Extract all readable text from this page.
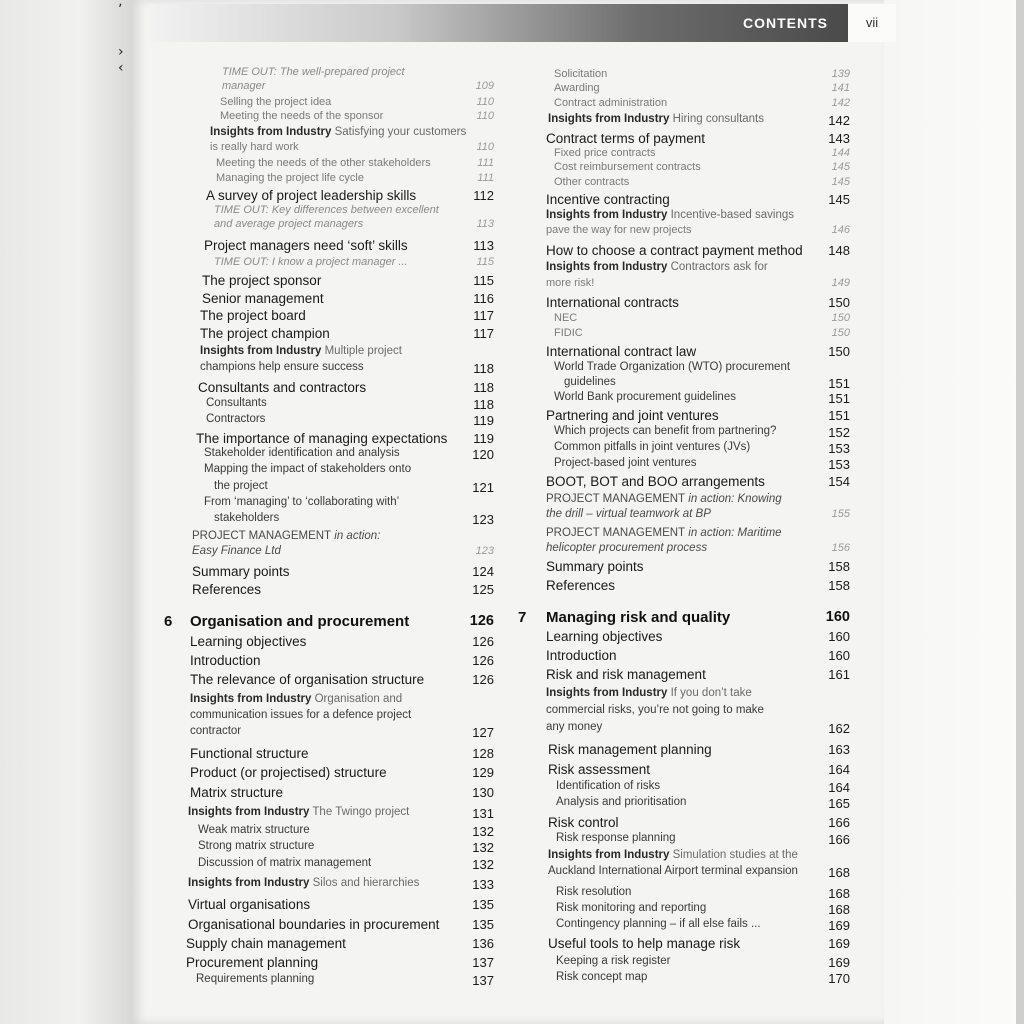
ʼ
›
‹
CONTENTS	vii
TIME OUT: The well-prepared project
manager	109
Selling the project idea	110
Meeting the needs of the sponsor	110
Insights from Industry Satisfying your customers
is really hard work	110
Meeting the needs of the other stakeholders	111
Managing the project life cycle	111
A survey of project leadership skills	112
TIME OUT: Key differences between excellent
and average project managers	113
Project managers need ‘soft’ skills	113
TIME OUT: I know a project manager ...	115
The project sponsor	115
Senior management	116
The project board	117
The project champion	117
Insights from Industry Multiple project
champions help ensure success	118
Consultants and contractors	118
Consultants	118
Contractors	119
The importance of managing expectations	119
Stakeholder identification and analysis	120
Mapping the impact of stakeholders onto
the project	121
From ‘managing’ to ‘collaborating with’
stakeholders	123
PROJECT MANAGEMENT in action:
Easy Finance Ltd	123
Summary points	124
References	125
6 Organisation and procurement	126
Learning objectives	126
Introduction	126
The relevance of organisation structure	126
Insights from Industry Organisation and
communication issues for a defence project
contractor	127
Functional structure	128
Product (or projectised) structure	129
Matrix structure	130
Insights from Industry The Twingo project	131
Weak matrix structure	132
Strong matrix structure	132
Discussion of matrix management	132
Insights from Industry Silos and hierarchies	133
Virtual organisations	135
Organisational boundaries in procurement	135
Supply chain management	136
Procurement planning	137
Requirements planning	137
Solicitation	139
Awarding	141
Contract administration	142
Insights from Industry Hiring consultants	142
Contract terms of payment	143
Fixed price contracts	144
Cost reimbursement contracts	145
Other contracts	145
Incentive contracting	145
Insights from Industry Incentive-based savings
pave the way for new projects	146
How to choose a contract payment method	148
Insights from Industry Contractors ask for
more risk!	149
International contracts	150
NEC	150
FIDIC	150
International contract law	150
World Trade Organization (WTO) procurement
guidelines	151
World Bank procurement guidelines	151
Partnering and joint ventures	151
Which projects can benefit from partnering?	152
Common pitfalls in joint ventures (JVs)	153
Project-based joint ventures	153
BOOT, BOT and BOO arrangements	154
PROJECT MANAGEMENT in action: Knowing
the drill – virtual teamwork at BP	155
PROJECT MANAGEMENT in action: Maritime
helicopter procurement process	156
Summary points	158
References	158
7 Managing risk and quality	160
Learning objectives	160
Introduction	160
Risk and risk management	161
Insights from Industry If you don’t take
commercial risks, you’re not going to make
any money	162
Risk management planning	163
Risk assessment	164
Identification of risks	164
Analysis and prioritisation	165
Risk control	166
Risk response planning	166
Insights from Industry Simulation studies at the
Auckland International Airport terminal expansion	168
Risk resolution	168
Risk monitoring and reporting	168
Contingency planning – if all else fails ...	169
Useful tools to help manage risk	169
Keeping a risk register	169
Risk concept map	170
